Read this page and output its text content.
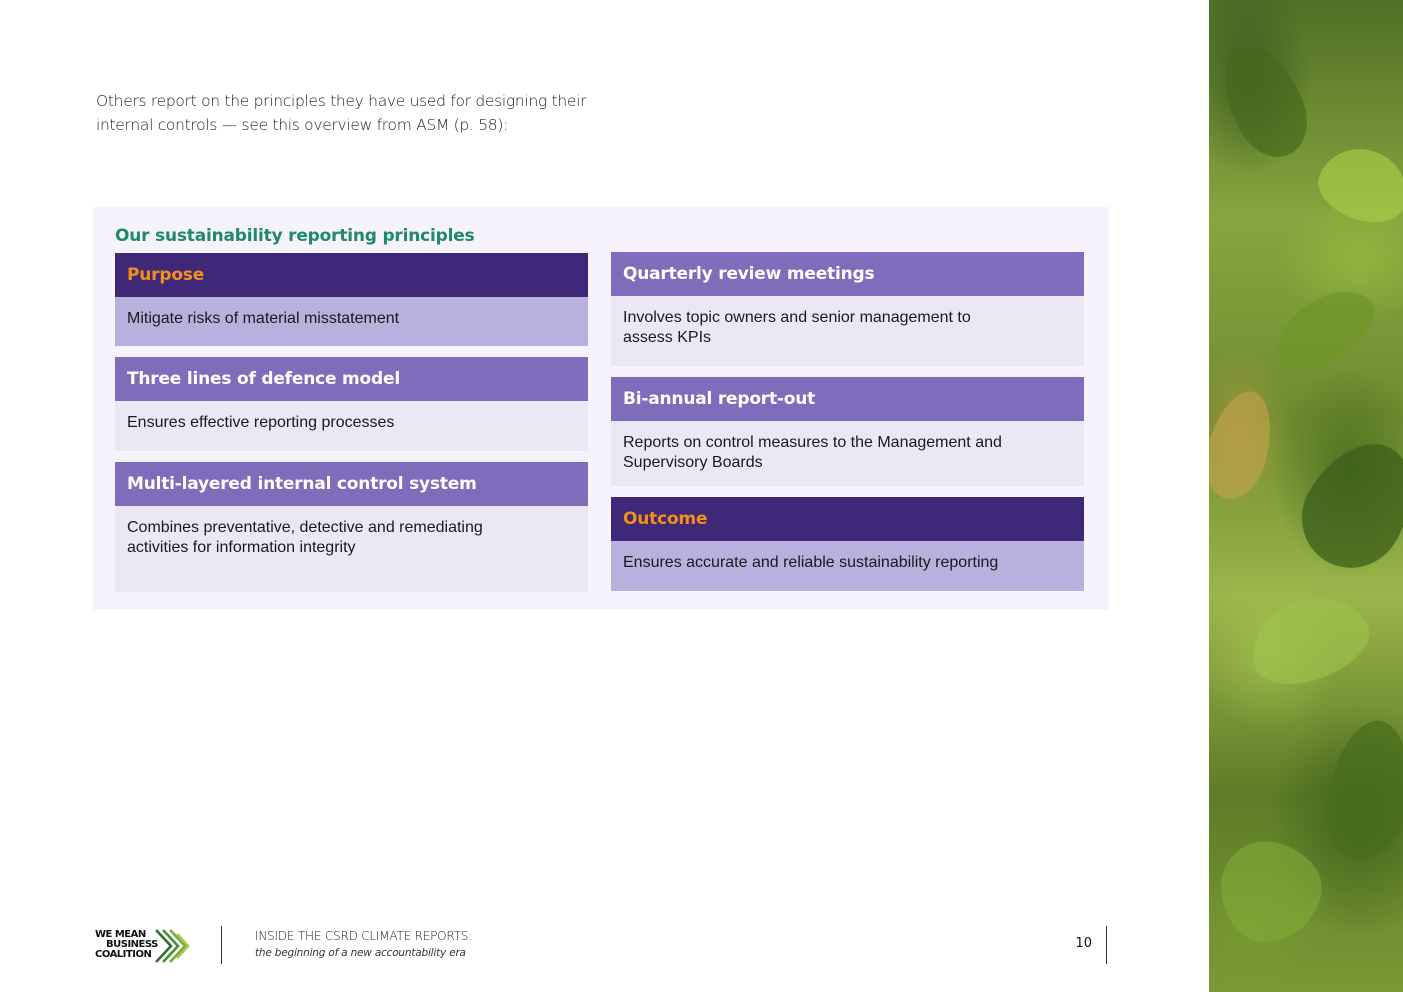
Others report on the principles they have used for designing their
internal controls — see this overview from ASM (p. 58):

Our sustainability reporting principles
Purpose
Mitigate risks of material misstatement
Three lines of defence model
Ensures effective reporting processes
Multi-layered internal control system
Combines preventative, detective and remediating activities for information integrity
Quarterly review meetings
Involves topic owners and senior management to assess KPIs
Bi-annual report-out
Reports on control measures to the Management and Supervisory Boards
Outcome
Ensures accurate and reliable sustainability reporting
WE MEAN
BUSINESS
COALITION
INSIDE THE CSRD CLIMATE REPORTS:
the beginning of a new accountability era
10
